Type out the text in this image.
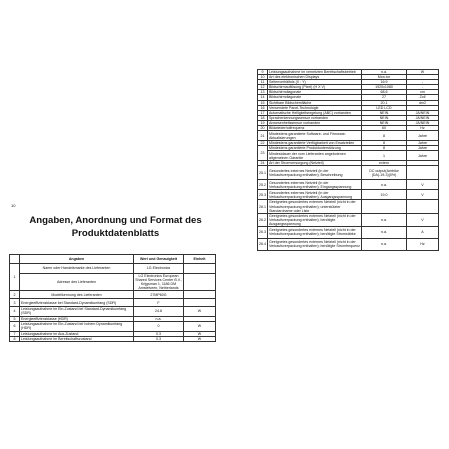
10
Angaben, Anordnung und Format des
Produktdatenblatts
	Angaben	Wert und Genauigkeit	Einheit
1	Name oder Handelsmarke des Lieferanten	LG Electronics	
	Adresse des Lieferanten	LG Electronics European Shared Services Center B.V., Krijgsman 1, 1186 DM Amstelveen, Netherlands	
2	Modellkennung des Lieferanten	27MP60G	
3	Energieeffizienzklasse bei Standard-Dynamikumfang (SDR)	F	
4	Leistungsaufnahme im Ein-Zustand bei Standard-Dynamikumfang (SDR)	24.8	W
5	Energieeffizienzklasse (HDR)	n.a.	
6	Leistungsaufnahme im Ein-Zustand bei hohem Dynamikumfang (HDR)	0	W
7	Leistungsaufnahme im Aus-Zustand	0.3	W
8	Leistungsaufnahme im Bereitschaftszustand	0.3	W
9	Leistungsaufnahme im vernetzten Bereitschaftsbetrieb	n.a.	W
10	Art des elektronischen Displays	Mon-tor	
11	Seitenverhältnis (X : Y)	16:9	-
12	Bildschirmauflösung (Pixel) (H X V)	1920x1080	-
13	Bildschirmdiagonale	68.6	cm
14	Bildschirmdiagonale	27	Zoll
15	Sichtbare Bildschirmfläche	20.1	dm2
16	Verwendete Panel-Technologie	LED LCD	
17	Automatische Helligkeitsregelung (ABC) vorhanden	NEIN	JA/NEIN
18	Spracherkennungssensor vorhanden	NEIN	JA/NEIN
19	Anwesenheitssensor vorhanden	NEIN	JA/NEIN
20	Bildwiederholfrequenz	60	Hz
21	Mindestens garantierte Software- und Firmware-Aktualisierungen	8	Jahre
22	Mindestens garantierte Verfügbarkeit von Ersatzteilen	8	Jahre
23	Mindestens garantierte Produktunterstützung	8	Jahre
	Mindestdauer der vom Lieferanten angebotenen allgemeinen Garantie	1	Jahre
24	Art der Stromversorgung (Netzteil)	extern	
25.1	Gesondertes externes Netzteil (in der Verkaufsverpackung enthalten); Beschreibung	DC output(Ambilor (DA)-19-3)(0%)	
25.2	Gesondertes externes Netzteil (in der Verkaufsverpackung enthalten); Eingangsspannung	n.a.	V
25.3	Gesondertes externes Netzteil (in der Verkaufsverpackung enthalten); Ausgangsspannung	19.0	V
26.1	Geeignetes gesondertes externes Netzteil (nicht in der Verkaufsverpackung enthalten); unterstützter Standardname oder Liste		
26.2	Geeignetes gesondertes externes Netzteil (nicht in der Verkaufsverpackung enthalten); benötigte Ausgangsspannung	n.a.	V
26.3	Geeignetes gesondertes externes Netzteil (nicht in der Verkaufsverpackung enthalten); benötigte Stromstärke	n.a.	A
26.4	Geeignetes gesondertes externes Netzteil (nicht in der Verkaufsverpackung enthalten); benötigte Stromfrequenz	n.a.	Hz
